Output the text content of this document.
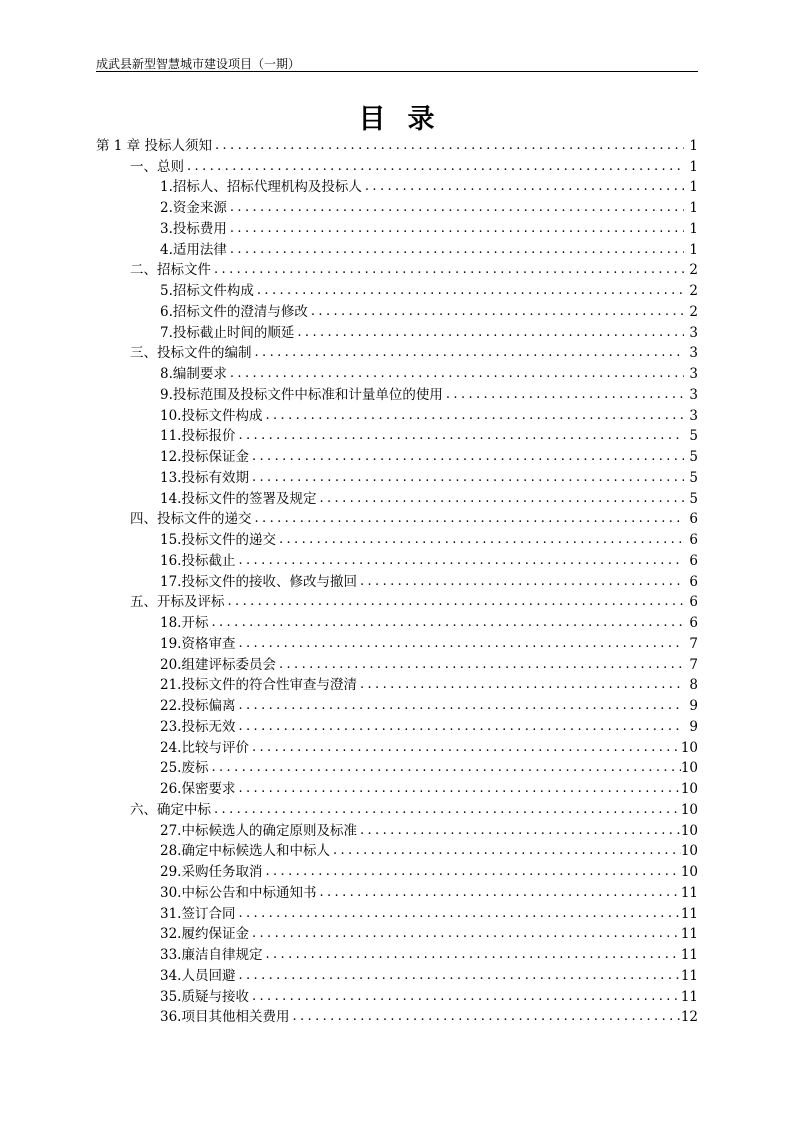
成武县新型智慧城市建设项目（一期）
目录
第 1 章 投标人须知 .....	1
一、总则 .....	1
1.招标人、招标代理机构及投标人 .....	1
2.资金来源 .....	1
3.投标费用 .....	1
4.适用法律 .....	1
二、招标文件 .....	2
5.招标文件构成 .....	2
6.招标文件的澄清与修改 .....	2
7.投标截止时间的顺延 .....	3
三、投标文件的编制 .....	3
8.编制要求 .....	3
9.投标范围及投标文件中标准和计量单位的使用 .....	3
10.投标文件构成 .....	3
11.投标报价 .....	5
12.投标保证金 .....	5
13.投标有效期 .....	5
14.投标文件的签署及规定 .....	5
四、投标文件的递交 .....	6
15.投标文件的递交 .....	6
16.投标截止 .....	6
17.投标文件的接收、修改与撤回 .....	6
五、开标及评标 .....	6
18.开标 .....	6
19.资格审查 .....	7
20.组建评标委员会 .....	7
21.投标文件的符合性审查与澄清 .....	8
22.投标偏离 .....	9
23.投标无效 .....	9
24.比较与评价 .....	10
25.废标 .....	10
26.保密要求 .....	10
六、确定中标 .....	10
27.中标候选人的确定原则及标准 .....	10
28.确定中标候选人和中标人 .....	10
29.采购任务取消 .....	10
30.中标公告和中标通知书 .....	11
31.签订合同 .....	11
32.履约保证金 .....	11
33.廉洁自律规定 .....	11
34.人员回避 .....	11
35.质疑与接收 .....	11
36.项目其他相关费用 .....	12
